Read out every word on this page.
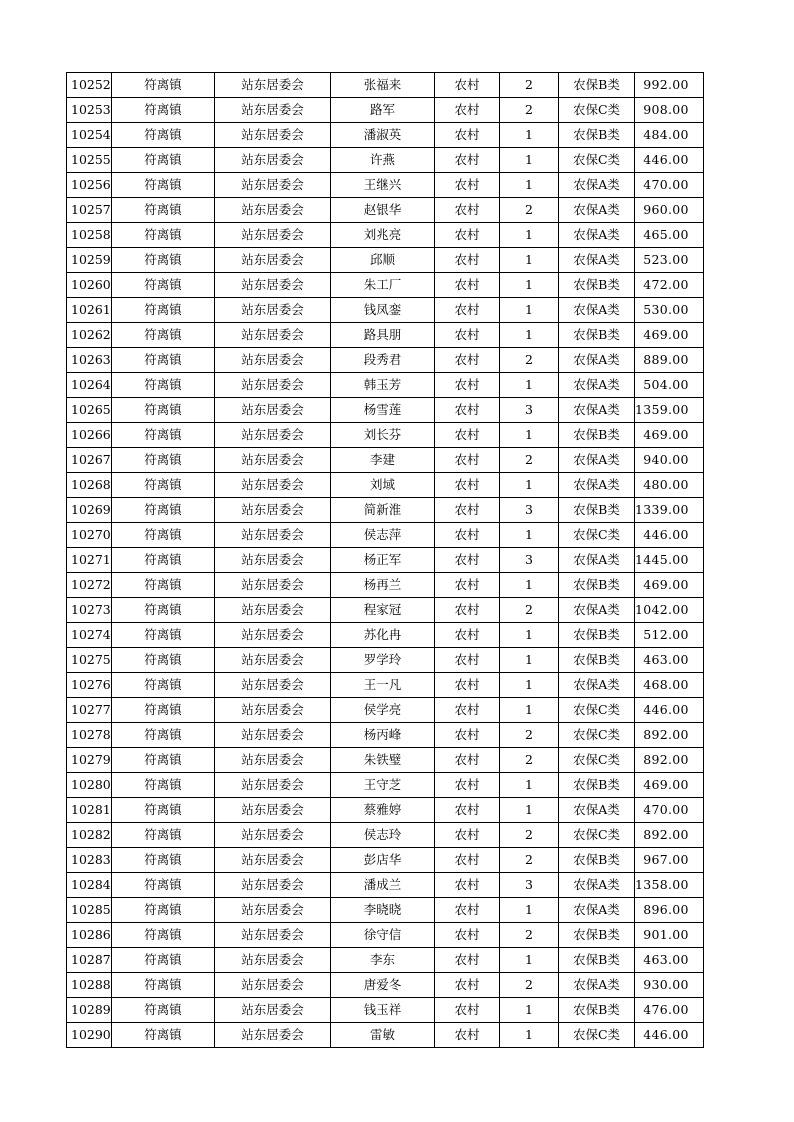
10252	符离镇	站东居委会	张福来	农村	2	农保B类	992.00
10253	符离镇	站东居委会	路军	农村	2	农保C类	908.00
10254	符离镇	站东居委会	潘淑英	农村	1	农保B类	484.00
10255	符离镇	站东居委会	许燕	农村	1	农保C类	446.00
10256	符离镇	站东居委会	王继兴	农村	1	农保A类	470.00
10257	符离镇	站东居委会	赵银华	农村	2	农保A类	960.00
10258	符离镇	站东居委会	刘兆亮	农村	1	农保A类	465.00
10259	符离镇	站东居委会	邱顺	农村	1	农保A类	523.00
10260	符离镇	站东居委会	朱工厂	农村	1	农保B类	472.00
10261	符离镇	站东居委会	钱凤銮	农村	1	农保A类	530.00
10262	符离镇	站东居委会	路具朋	农村	1	农保B类	469.00
10263	符离镇	站东居委会	段秀君	农村	2	农保A类	889.00
10264	符离镇	站东居委会	韩玉芳	农村	1	农保A类	504.00
10265	符离镇	站东居委会	杨雪莲	农村	3	农保A类	1359.00
10266	符离镇	站东居委会	刘长芬	农村	1	农保B类	469.00
10267	符离镇	站东居委会	李建	农村	2	农保A类	940.00
10268	符离镇	站东居委会	刘域	农村	1	农保A类	480.00
10269	符离镇	站东居委会	简新淮	农村	3	农保B类	1339.00
10270	符离镇	站东居委会	侯志萍	农村	1	农保C类	446.00
10271	符离镇	站东居委会	杨正军	农村	3	农保A类	1445.00
10272	符离镇	站东居委会	杨再兰	农村	1	农保B类	469.00
10273	符离镇	站东居委会	程家冠	农村	2	农保A类	1042.00
10274	符离镇	站东居委会	苏化冉	农村	1	农保B类	512.00
10275	符离镇	站东居委会	罗学玲	农村	1	农保B类	463.00
10276	符离镇	站东居委会	王一凡	农村	1	农保A类	468.00
10277	符离镇	站东居委会	侯学亮	农村	1	农保C类	446.00
10278	符离镇	站东居委会	杨丙峰	农村	2	农保C类	892.00
10279	符离镇	站东居委会	朱铁璧	农村	2	农保C类	892.00
10280	符离镇	站东居委会	王守芝	农村	1	农保B类	469.00
10281	符离镇	站东居委会	蔡雅婷	农村	1	农保A类	470.00
10282	符离镇	站东居委会	侯志玲	农村	2	农保C类	892.00
10283	符离镇	站东居委会	彭店华	农村	2	农保B类	967.00
10284	符离镇	站东居委会	潘成兰	农村	3	农保A类	1358.00
10285	符离镇	站东居委会	李晓晓	农村	1	农保A类	896.00
10286	符离镇	站东居委会	徐守信	农村	2	农保B类	901.00
10287	符离镇	站东居委会	李东	农村	1	农保B类	463.00
10288	符离镇	站东居委会	唐爱冬	农村	2	农保A类	930.00
10289	符离镇	站东居委会	钱玉祥	农村	1	农保B类	476.00
10290	符离镇	站东居委会	雷敏	农村	1	农保C类	446.00
